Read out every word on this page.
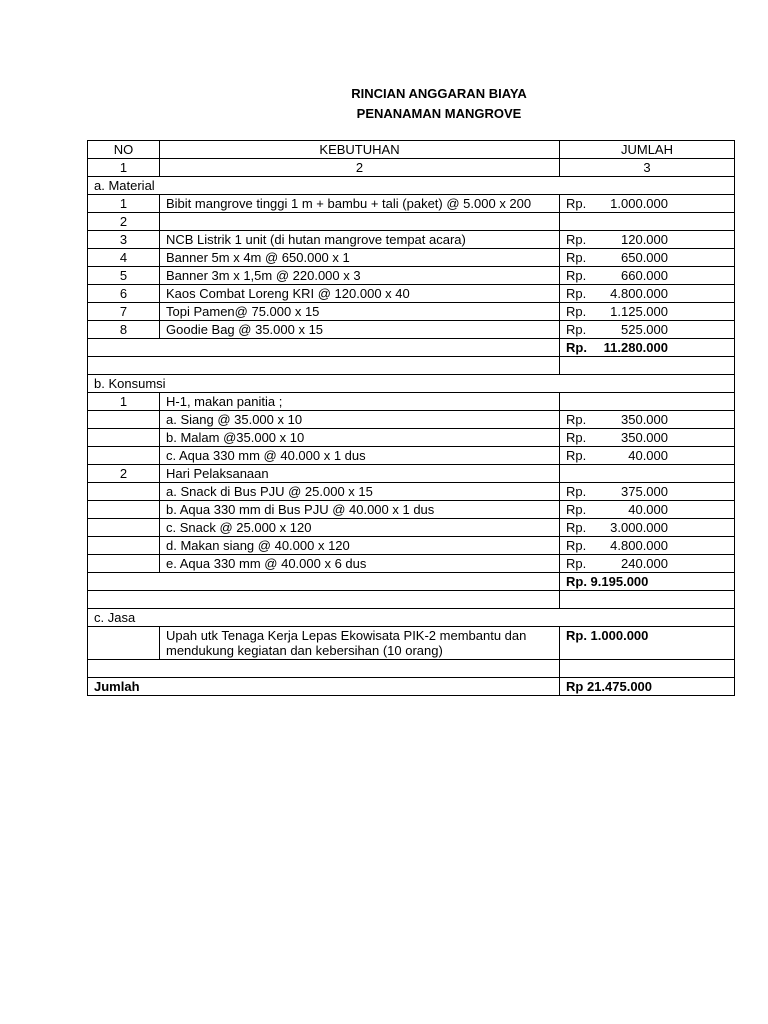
RINCIAN ANGGARAN BIAYA
PENANAMAN MANGROVE
NO	KEBUTUHAN	JUMLAH
1	2	3
a. Material		
1	Bibit mangrove tinggi 1 m + bambu + tali (paket) @ 5.000 x 200	Rp. 1.000.000
2		
3	NCB Listrik 1 unit (di hutan mangrove tempat acara)	Rp. 120.000
4	Banner 5m x 4m @ 650.000 x 1	Rp. 650.000
5	Banner 3m x 1,5m @ 220.000 x 3	Rp. 660.000
6	Kaos Combat Loreng KRI @ 120.000 x 40	Rp. 4.800.000
7	Topi Pamen@ 75.000 x 15	Rp. 1.125.000
8	Goodie Bag @ 35.000 x 15	Rp. 525.000
		Rp. 11.280.000

b. Konsumsi		
1	H-1, makan panitia ;	
	a. Siang @ 35.000 x 10	Rp. 350.000
	b. Malam @35.000 x 10	Rp. 350.000
	c. Aqua 330 mm @ 40.000 x 1 dus	Rp. 40.000
2	Hari Pelaksanaan	
	a. Snack di Bus PJU @ 25.000 x 15	Rp. 375.000
	b. Aqua 330 mm di Bus PJU @ 40.000 x 1 dus	Rp. 40.000
	c. Snack @ 25.000 x 120	Rp. 3.000.000
	d. Makan siang @ 40.000 x 120	Rp. 4.800.000
	e. Aqua 330 mm @ 40.000 x 6 dus	Rp. 240.000
		Rp. 9.195.000

c. Jasa		
	Upah utk Tenaga Kerja Lepas Ekowisata PIK-2 membantu dan mendukung kegiatan dan kebersihan (10 orang)	Rp. 1.000.000

Jumlah		Rp 21.475.000
